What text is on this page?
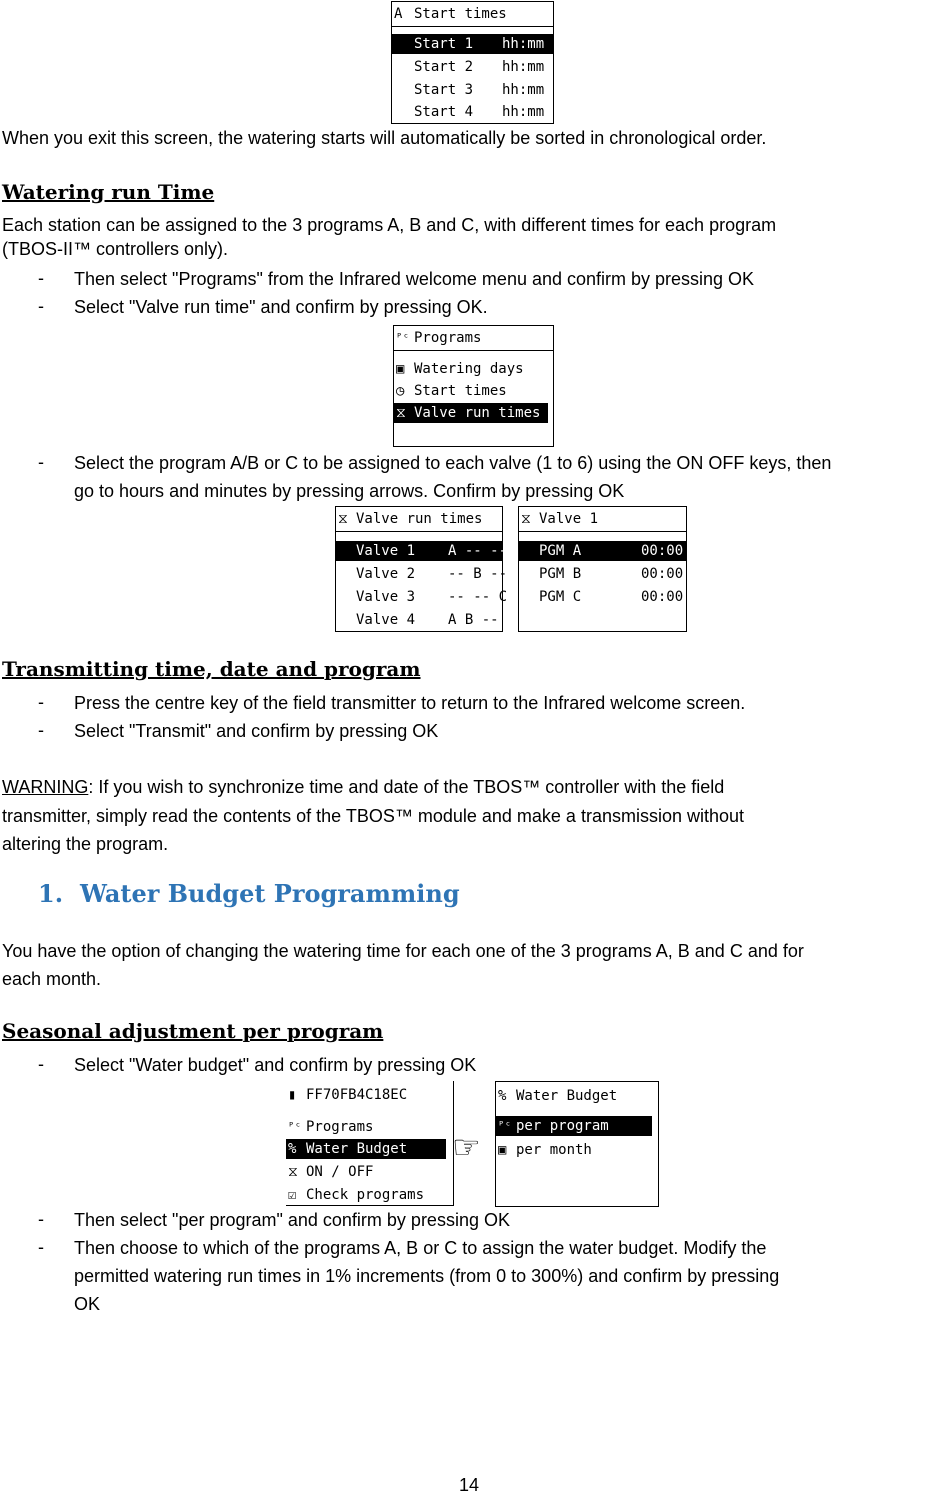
A Start times
Start 1 hh:mm
Start 2 hh:mm
Start 3 hh:mm
Start 4 hh:mm
When you exit this screen, the watering starts will automatically be sorted in chronological order.
Watering run Time
Each station can be assigned to the 3 programs A, B and C, with different times for each program
(TBOS-II™ controllers only).
- Then select "Programs" from the Infrared welcome menu and confirm by pressing OK
- Select "Valve run time" and confirm by pressing OK.
ᴾᶜ Programs
▣ Watering days
◷ Start times
⧖ Valve run times
- Select the program A/B or C to be assigned to each valve (1 to 6) using the ON OFF keys, then
go to hours and minutes by pressing arrows. Confirm by pressing OK
⧖ Valve run times
Valve 1 A -- --
Valve 2 -- B --
Valve 3 -- -- C
Valve 4 A B --
⧖ Valve 1
PGM A	00:00
PGM B	00:00
PGM C	00:00
Transmitting time, date and program
- Press the centre key of the field transmitter to return to the Infrared welcome screen.
- Select "Transmit" and confirm by pressing OK
WARNING: If you wish to synchronize time and date of the TBOS™ controller with the field
transmitter, simply read the contents of the TBOS™ module and make a transmission without
altering the program.
1. Water Budget Programming
You have the option of changing the watering time for each one of the 3 programs A, B and C and for
each month.
Seasonal adjustment per program
- Select "Water budget" and confirm by pressing OK
▮ FF70FB4C18EC
ᴾᶜ Programs
% Water Budget
⧖ ON / OFF
☑ Check programs
☞
% Water Budget
ᴾᶜ per program
▣ per month
- Then select "per program" and confirm by pressing OK
- Then choose to which of the programs A, B or C to assign the water budget. Modify the
permitted watering run times in 1% increments (from 0 to 300%) and confirm by pressing
OK
14
